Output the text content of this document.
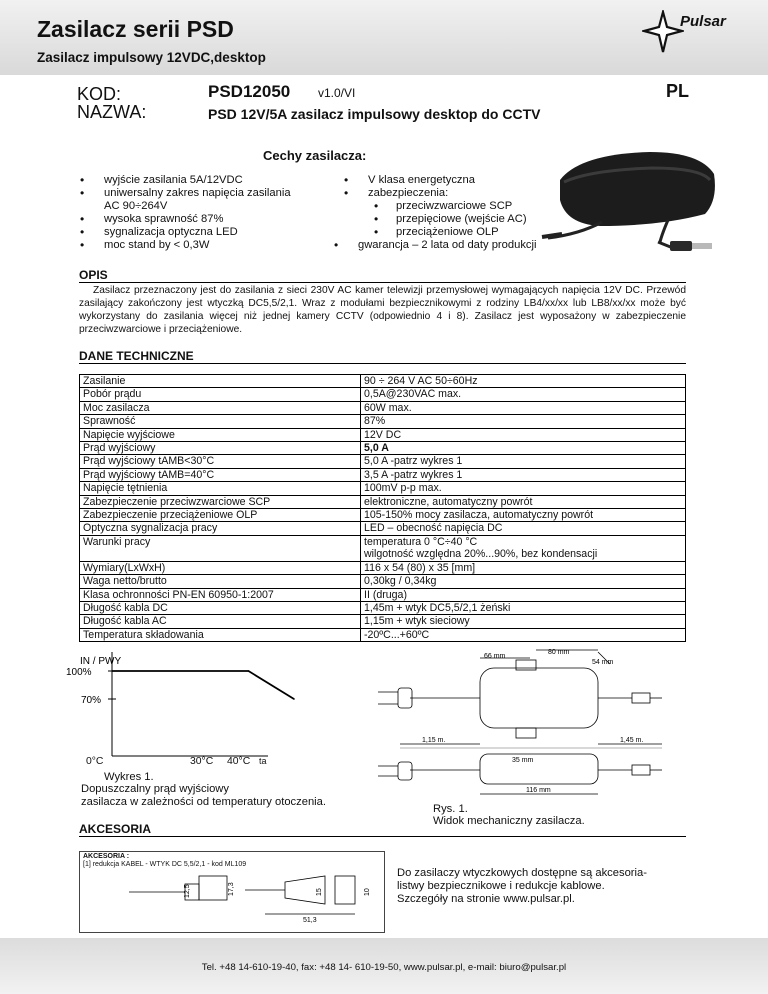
Zasilacz serii PSD
Zasilacz impulsowy 12VDC,desktop
Pulsar
KOD:
NAZWA:
PSD12050 v1.0/VI	PL
PSD 12V/5A zasilacz impulsowy desktop do CCTV
Cechy zasilacza:
• wyjście zasilania 5A/12VDC
• uniwersalny zakres napięcia zasilania
AC 90÷264V
• wysoka sprawność 87%
• sygnalizacja optyczna LED
• moc stand by < 0,3W
• V klasa energetyczna
• zabezpieczenia:
• przeciwzwarciowe SCP
• przepięciowe (wejście AC)
• przeciążeniowe OLP
• gwarancja – 2 lata od daty produkcji
OPIS
Zasilacz przeznaczony jest do zasilania z sieci 230V AC kamer telewizji przemysłowej wymagających napięcia 12V DC. Przewód zasilający zakończony jest wtyczką DC5,5/2,1. Wraz z modułami bezpiecznikowymi z rodziny LB4/xx/xx lub LB8/xx/xx może być wykorzystany do zasilania więcej niż jednej kamery CCTV (odpowiednio 4 i 8). Zasilacz jest wyposażony w zabezpieczenie przeciwzwarciowe i przeciążeniowe.
DANE TECHNICZNE
Zasilanie	90 ÷ 264 V AC 50÷60Hz
Pobór prądu	0,5A@230VAC max.
Moc zasilacza	60W max.
Sprawność	87%
Napięcie wyjściowe	12V DC
Prąd wyjściowy	5,0 A
Prąd wyjściowy tAMB<30°C	5,0 A -patrz wykres 1
Prąd wyjściowy tAMB=40°C	3,5 A -patrz wykres 1
Napięcie tętnienia	100mV p-p max.
Zabezpieczenie przeciwzwarciowe SCP	elektroniczne, automatyczny powrót
Zabezpieczenie przeciążeniowe OLP	105-150% mocy zasilacza, automatyczny powrót
Optyczna sygnalizacja pracy	LED – obecność napięcia DC
Warunki pracy	temperatura 0 °C÷40 °C
	wilgotność względna 20%...90%, bez kondensacji
Wymiary(LxWxH)	116 x 54 (80) x 35 [mm]
Waga netto/brutto	0,30kg / 0,34kg
Klasa ochronności PN-EN 60950-1:2007	II (druga)
Długość kabla DC	1,45m + wtyk DC5,5/2,1 żeński
Długość kabla AC	1,15m + wtyk sieciowy
Temperatura składowania	-20ºC...+60ºC
IN / PWY
100%
70%
0°C	30°C 40°C ta
Wykres 1.
Dopuszczalny prąd wyjściowy
zasilacza w zależności od temperatury otoczenia.
66 mm
80 mm
54 mm
1,15 m.	1,45 m.
35 mm
116 mm
Rys. 1.
Widok mechaniczny zasilacza.
AKCESORIA
AKCESORIA :
[1] redukcja KABEL - WTYK DC 5,5/2,1 - kod ML109
12,5	17,3	15	10
51,3
Do zasilaczy wtyczkowych dostępne są akcesoria-listwy bezpiecznikowe i redukcje kablowe. Szczegóły na stronie www.pulsar.pl.
Tel. +48 14-610-19-40, fax: +48 14- 610-19-50, www.pulsar.pl, e-mail: biuro@pulsar.pl
